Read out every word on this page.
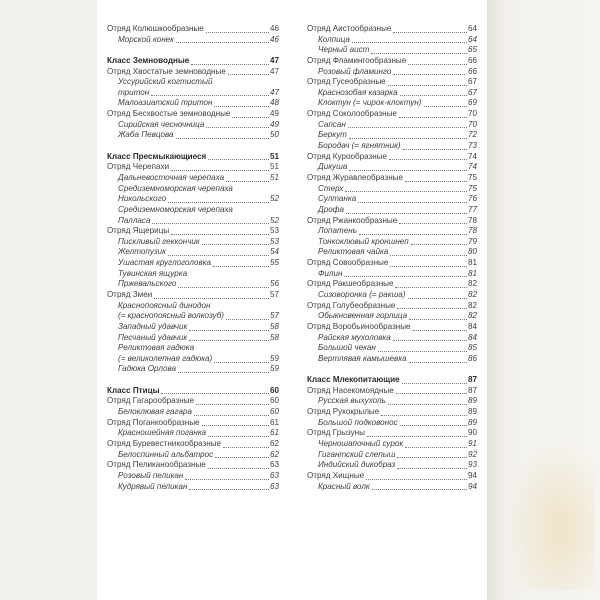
Отряд Колюшкообразные	46
Морской конек	46
Класс Земноводные	47
Отряд Хвостатые земноводные	47
Уссурийский когтистый
тритон	47
Малоазиатский тритон	48
Отряд Бесхвостые земноводные	49
Сирийская чесночница	49
Жаба Певцова	50
Класс Пресмыкающиеся	51
Отряд Черепахи	51
Дальневосточная черепаха	51
Средиземноморская черепаха
Никольского	52
Средиземноморская черепаха
Палласа	52
Отряд Ящерицы	53
Пискливый геккончик	53
Желтопузик	54
Ушастая круглоголовка	55
Тувинская ящурка
Пржевальского	56
Отряд Змеи	57
Краснопоясный динодон
(= краснопоясный волкозуб)	57
Западный удавчик	58
Песчаный удавчик	58
Реликтовая гадюка
(= великолепная гадюка)	59
Гадюка Орлова	59
Класс Птицы	60
Отряд Гагарообразные	60
Белоклювая гагара	60
Отряд Поганкообразные	61
Красношейная поганка	61
Отряд Буревестникообразные	62
Белоспинный альбатрос	62
Отряд Пеликанообразные	63
Розовый пеликан	63
Кудрявый пеликан	63
Отряд Аистообразные	64
Колпица	64
Черный аист	65
Отряд Фламингообразные	66
Розовый фламинго	66
Отряд Гусеобразные	67
Краснозобая казарка	67
Клоктун (= чирок-клоктун)	69
Отряд Соколообразные	70
Сапсан	70
Беркут	72
Бородач (= ягнятник)	73
Отряд Курообразные	74
Дикуша	74
Отряд Журавлеобразные	75
Стерх	75
Султанка	76
Дрофа	77
Отряд Ржанкообразные	78
Лопатень	78
Тонкоклювый кроншнеп	79
Реликтовая чайка	80
Отряд Совообразные	81
Филин	81
Отряд Ракшеобразные	82
Сизоворонка (= ракша)	82
Отряд Голубеобразные	82
Обыкновенная горлица	82
Отряд Воробьинообразные	84
Райская мухоловка	84
Большой чекан	85
Вертлявая камышевка	86
Класс Млекопитающие	87
Отряд Насекомоядные	87
Русская выхухоль	89
Отряд Рукокрылые	89
Большой подковонос	89
Отряд Грызуны	90
Черношапочный сурок	91
Гигантский слепыш	92
Индийский дикобраз	93
Отряд Хищные	94
Красный волк	94
